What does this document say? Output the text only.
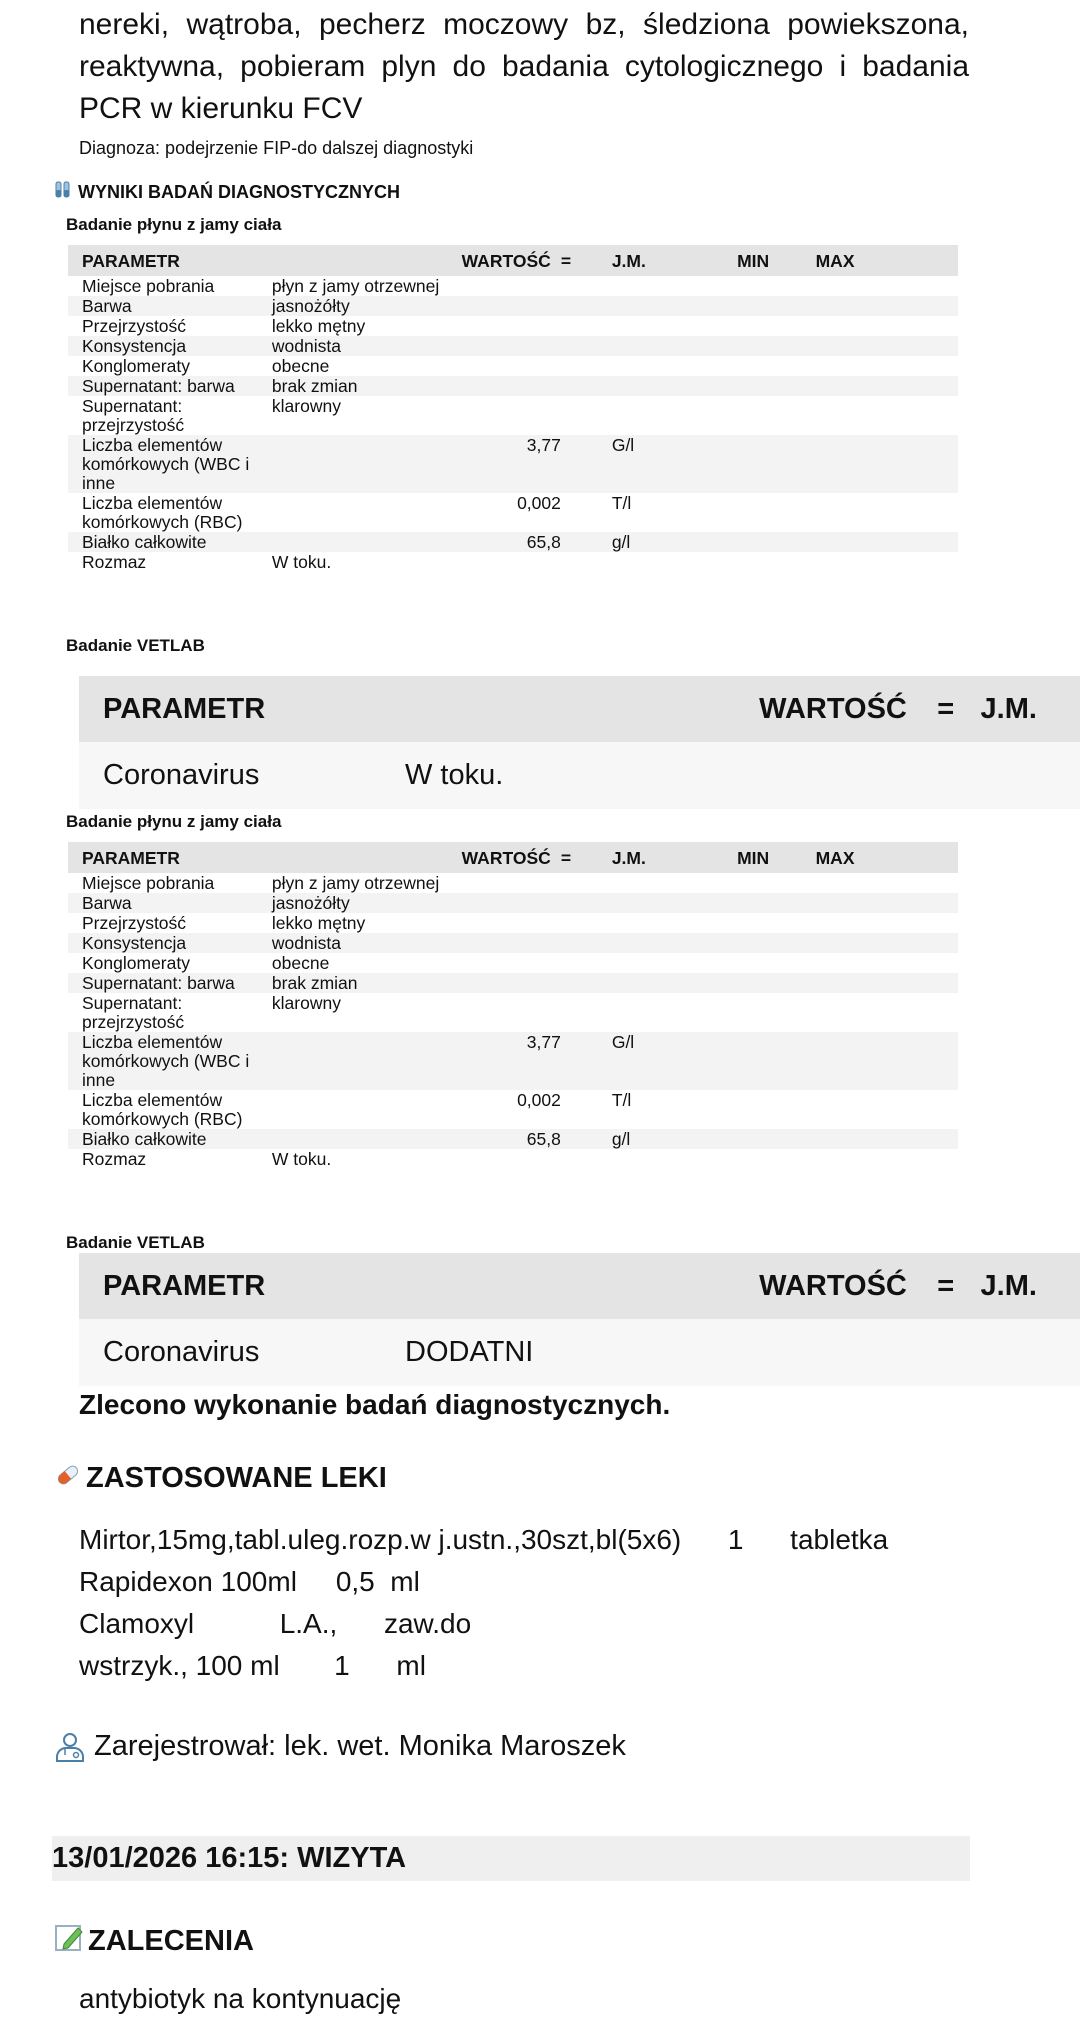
nereki, wątroba, pecherz moczowy bz, śledziona powieksz​ona,
reaktywna, pobieram plyn do badania cytologicznego i badania
PCR w kierunku FCV
Diagnoza: podejrzenie FIP-do dalszej diagnostyki
WYNIKI BADAŃ DIAGNOSTYCZNYCH
Badanie płynu z jamy ciała
PARAMETR		WARTOŚĆ	=	J.M.	MIN	MAX
Miejsce pobrania	płyn z jamy otrzewnej					
Barwa	jasnożółty					
Przejrzystość	lekko mętny					
Konsystencja	wodnista					
Konglomeraty	obecne					
Supernatant: barwa	brak zmian					
Supernatant: przejrzystość	klarowny					
Liczba elementów komórkowych (WBC i inne		3,77		G/l		
Liczba elementów komórkowych (RBC)		0,002		T/l		
Białko całkowite		65,8		g/l		
Rozmaz	W toku.					
Badanie VETLAB
PARAMETR	WARTOŚĆ	= J.M.
Coronavirus	W toku.
Badanie płynu z jamy ciała
PARAMETR		WARTOŚĆ	=	J.M.	MIN	MAX
Miejsce pobrania	płyn z jamy otrzewnej					
Barwa	jasnożółty					
Przejrzystość	lekko mętny					
Konsystencja	wodnista					
Konglomeraty	obecne					
Supernatant: barwa	brak zmian					
Supernatant: przejrzystość	klarowny					
Liczba elementów komórkowych (WBC i inne		3,77		G/l		
Liczba elementów komórkowych (RBC)		0,002		T/l		
Białko całkowite		65,8		g/l		
Rozmaz	W toku.					
Badanie VETLAB
PARAMETR	WARTOŚĆ	= J.M.
Coronavirus	DODATNI
Zlecono wykonanie badań diagnostycznych.
ZASTOSOWANE LEKI
Mirtor,15mg,tabl.uleg.rozp.w j.ustn.,30szt,bl(5x6)      1      tabletka
Rapidexon 100ml     0,5  ml
Clamoxyl           L.A.,      zaw.do
wstrzyk., 100 ml       1      ml
Zarejestrował: lek. wet. Monika Maroszek
13/01/2026 16:15: WIZYTA
ZALECENIA
antybiotyk na kontynuację
